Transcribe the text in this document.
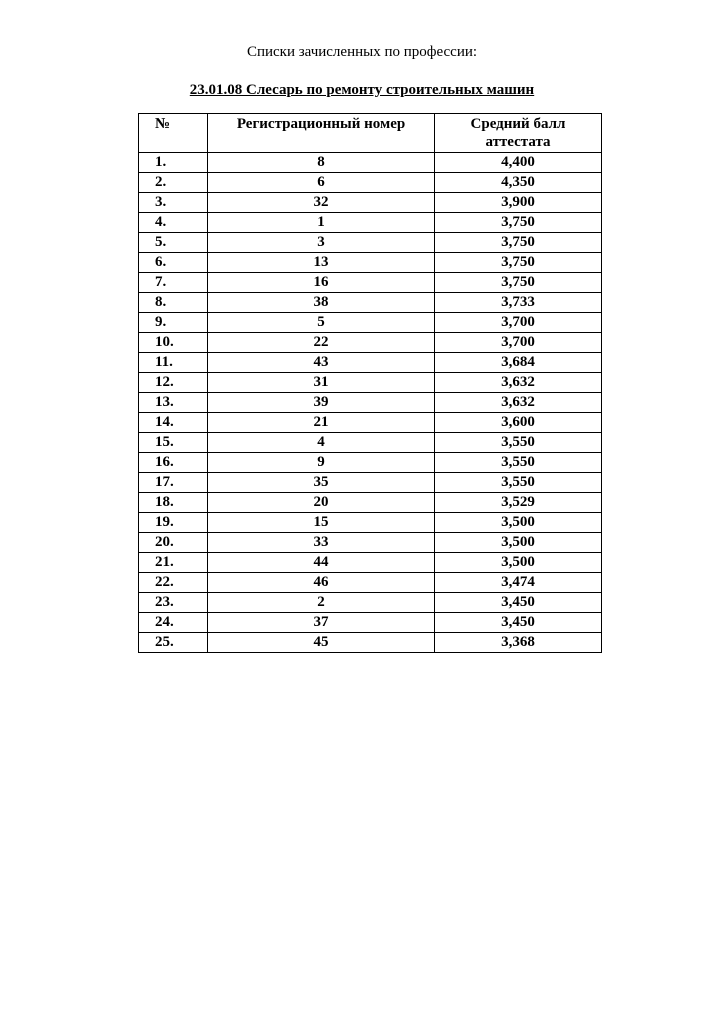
Списки зачисленных по профессии:
23.01.08 Слесарь по ремонту строительных машин
№	Регистрационный номер	Средний балл аттестата
1.	8	4,400
2.	6	4,350
3.	32	3,900
4.	1	3,750
5.	3	3,750
6.	13	3,750
7.	16	3,750
8.	38	3,733
9.	5	3,700
10.	22	3,700
11.	43	3,684
12.	31	3,632
13.	39	3,632
14.	21	3,600
15.	4	3,550
16.	9	3,550
17.	35	3,550
18.	20	3,529
19.	15	3,500
20.	33	3,500
21.	44	3,500
22.	46	3,474
23.	2	3,450
24.	37	3,450
25.	45	3,368
